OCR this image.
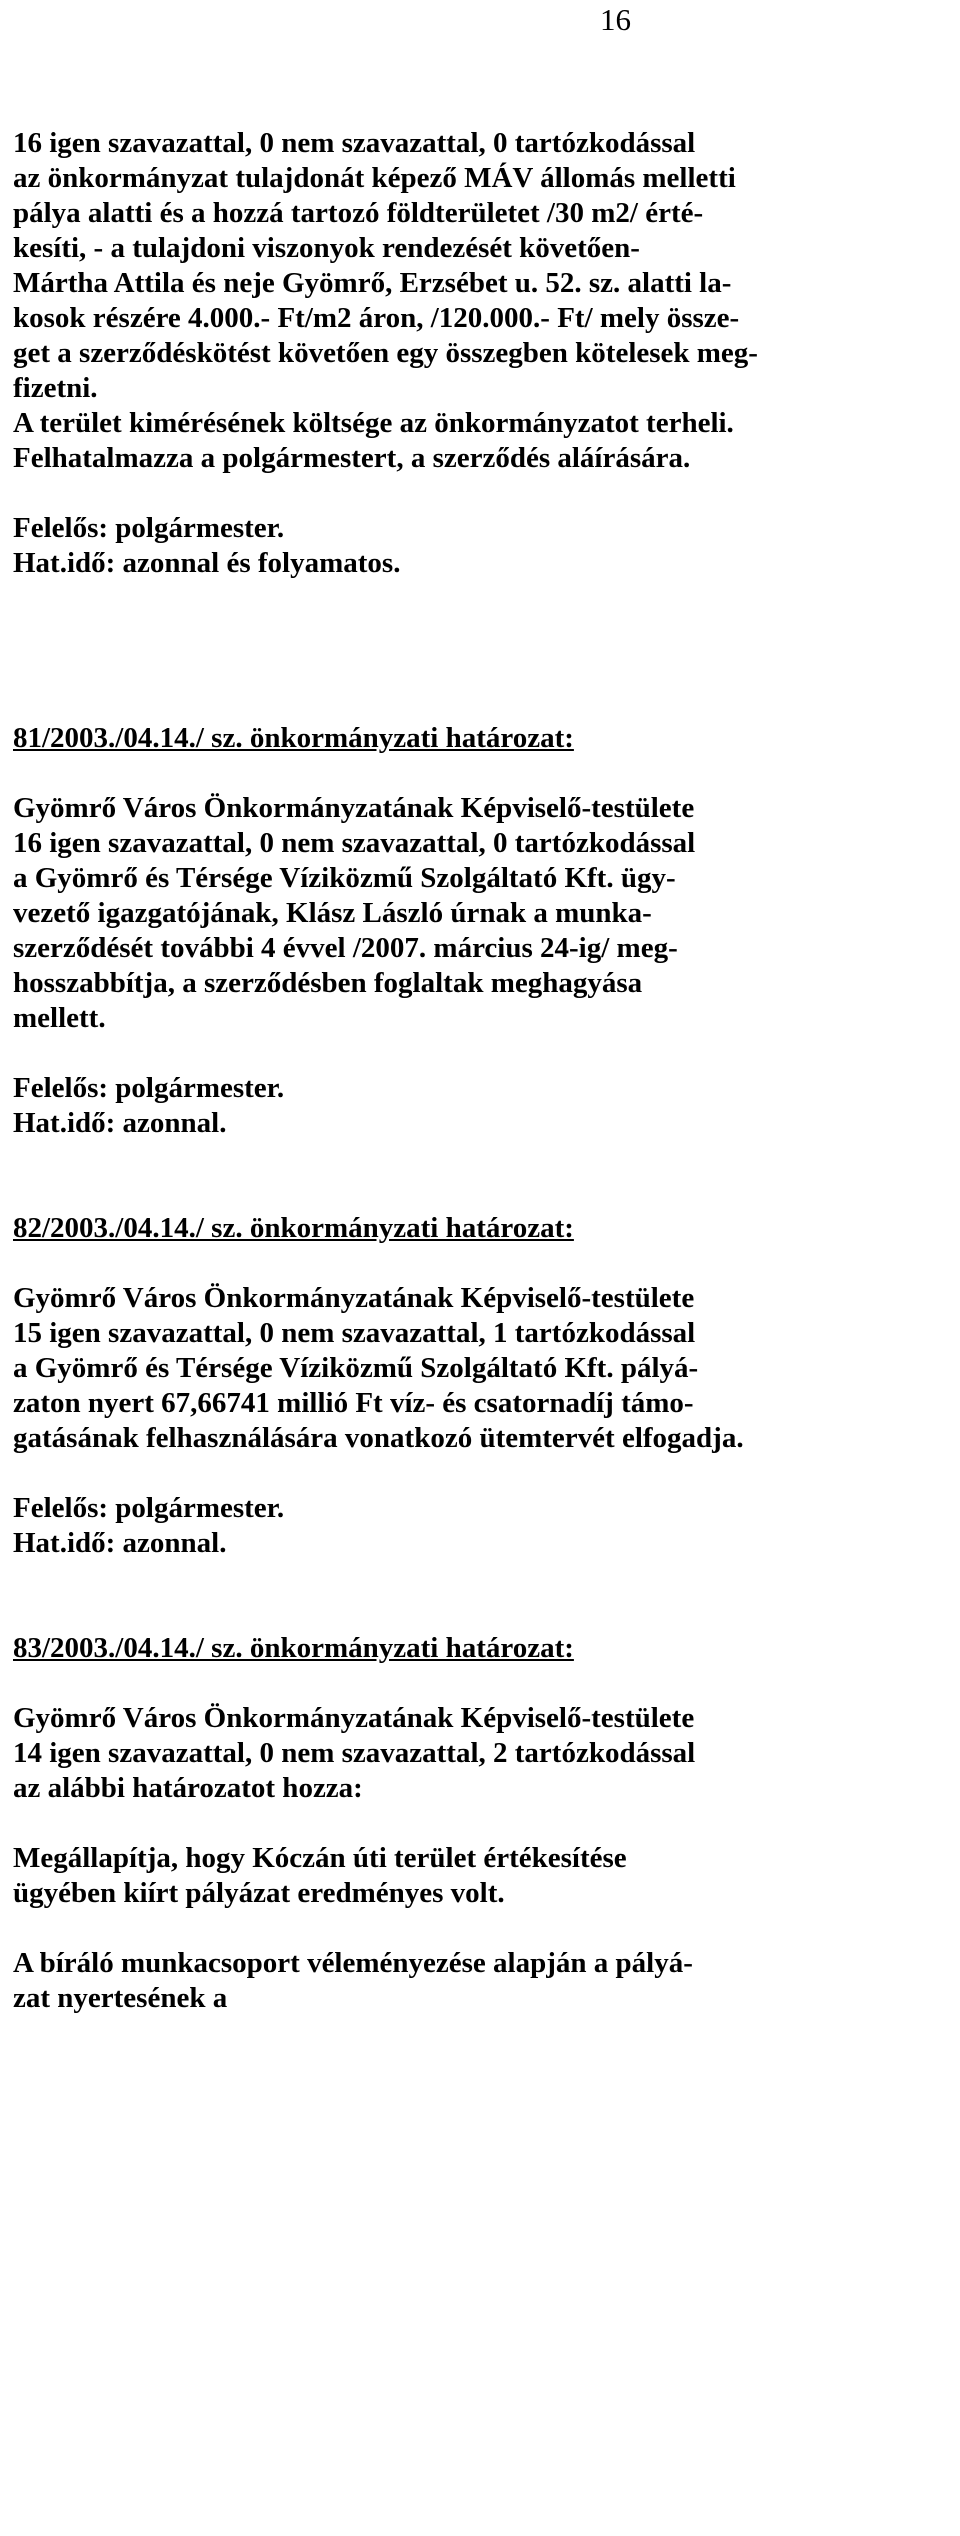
16
16 igen szavazattal, 0 nem szavazattal, 0 tartózkodással
az önkormányzat tulajdonát képező MÁV állomás melletti
pálya alatti és a hozzá tartozó földterületet /30 m2/ érté-
kesíti, - a tulajdoni viszonyok rendezését követően-
Mártha Attila és neje Gyömrő, Erzsébet u. 52. sz. alatti la-
kosok részére 4.000.- Ft/m2 áron, /120.000.- Ft/ mely össze-
get a szerződéskötést követően egy összegben kötelesek meg-
fizetni.
A terület kimérésének költsége az önkormányzatot terheli.
Felhatalmazza a polgármestert, a szerződés aláírására.
Felelős: polgármester.
Hat.idő: azonnal és folyamatos.
81/2003./04.14./ sz. önkormányzati határozat:
Gyömrő Város Önkormányzatának Képviselő-testülete
16 igen szavazattal, 0 nem szavazattal, 0 tartózkodással
a Gyömrő és Térsége Víziközmű Szolgáltató Kft. ügy-
vezető igazgatójának, Klász László úrnak a munka-
szerződését további 4 évvel /2007. március 24-ig/ meg-
hosszabbítja, a szerződésben foglaltak meghagyása
mellett.
Felelős: polgármester.
Hat.idő: azonnal.
82/2003./04.14./ sz. önkormányzati határozat:
Gyömrő Város Önkormányzatának Képviselő-testülete
15 igen szavazattal, 0 nem szavazattal, 1 tartózkodással
a Gyömrő és Térsége Víziközmű Szolgáltató Kft. pályá-
zaton nyert 67,66741 millió Ft víz- és csatornadíj támo-
gatásának felhasználására vonatkozó ütemtervét elfogadja.
Felelős: polgármester.
Hat.idő: azonnal.
83/2003./04.14./ sz. önkormányzati határozat:
Gyömrő Város Önkormányzatának Képviselő-testülete
14 igen szavazattal, 0 nem szavazattal, 2 tartózkodással
az alábbi határozatot hozza:
Megállapítja, hogy Kóczán úti terület értékesítése
ügyében kiírt pályázat eredményes volt.
A bíráló munkacsoport véleményezése alapján a pályá-
zat nyertesének a
